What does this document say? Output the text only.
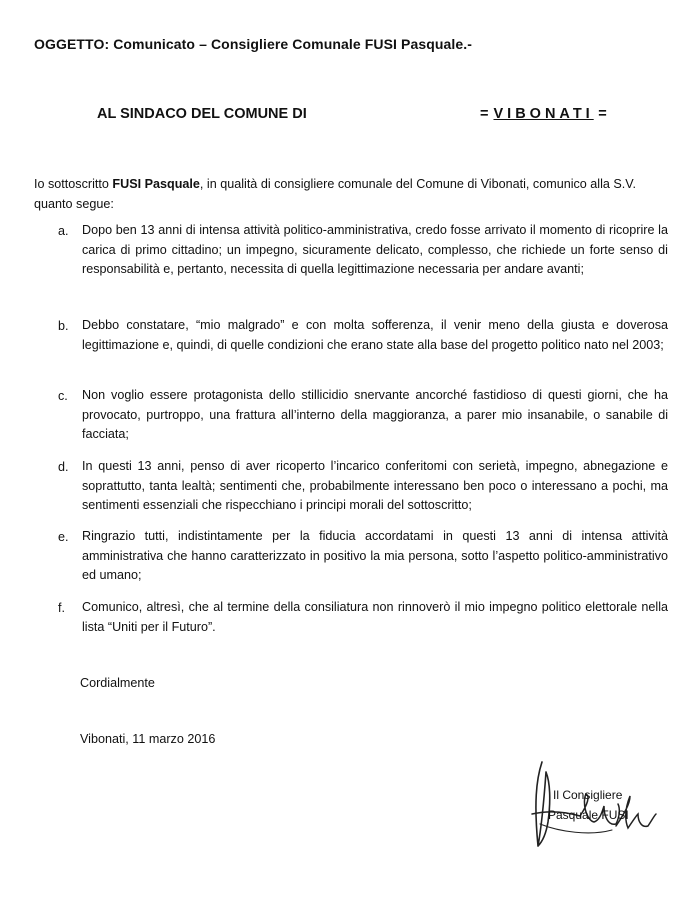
OGGETTO: Comunicato – Consigliere Comunale FUSI Pasquale.-
AL SINDACO DEL COMUNE DI	= VIBONATI =
Io sottoscritto FUSI Pasquale, in qualità di consigliere comunale del Comune di Vibonati, comunico alla S.V. quanto segue:
a. Dopo ben 13 anni di intensa attività politico-amministrativa, credo fosse arrivato il momento di ricoprire la carica di primo cittadino; un impegno, sicuramente delicato, complesso, che richiede un forte senso di responsabilità e, pertanto, necessita di quella legittimazione necessaria per andare avanti;
b. Debbo constatare, “mio malgrado” e con molta sofferenza, il venir meno della giusta e doverosa legittimazione e, quindi, di quelle condizioni che erano state alla base del progetto politico nato nel 2003;
c. Non voglio essere protagonista dello stillicidio snervante ancorché fastidioso di questi giorni, che ha provocato, purtroppo, una frattura all’interno della maggioranza, a parer mio insanabile, o sanabile di facciata;
d. In questi 13 anni, penso di aver ricoperto l’incarico conferitomi con serietà, impegno, abnegazione e soprattutto, tanta lealtà; sentimenti che, probabilmente interessano ben poco o interessano a pochi, ma sentimenti essenziali che rispecchiano i principi morali del sottoscritto;
e. Ringrazio tutti, indistintamente per la fiducia accordatami in questi 13 anni di intensa attività amministrativa che hanno caratterizzato in positivo la mia persona, sotto l’aspetto politico-amministrativo ed umano;
f. Comunico, altresì, che al termine della consiliatura non rinnoverò il mio impegno politico elettorale nella lista “Uniti per il Futuro”.
Cordialmente
Vibonati, 11 marzo 2016
Il Consigliere
Pasquale FUSI
